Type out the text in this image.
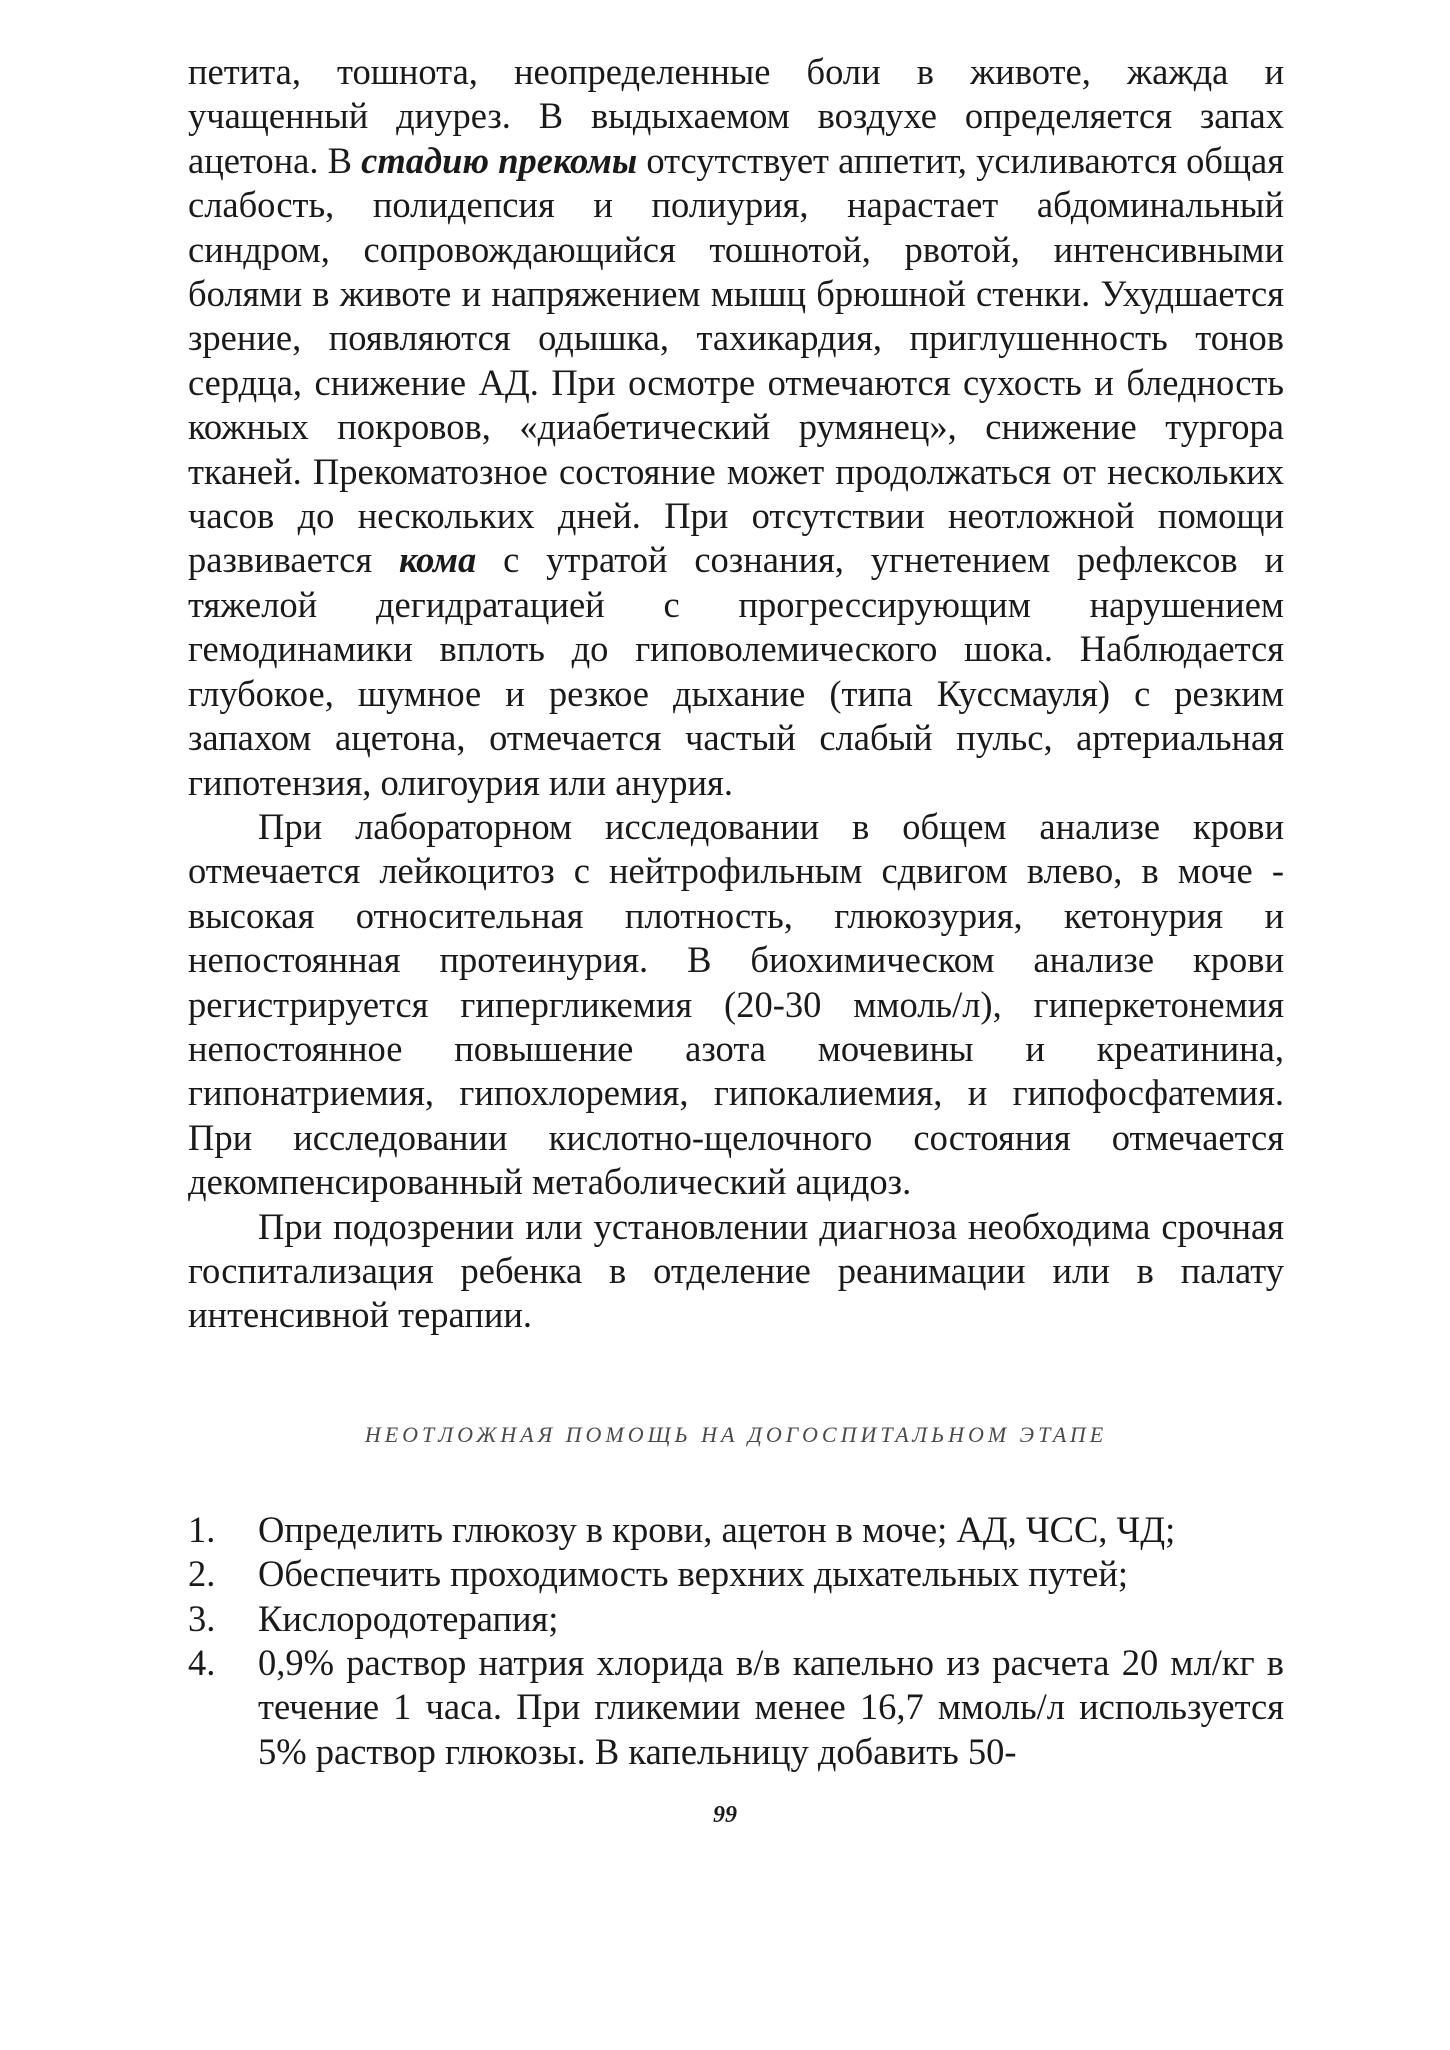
петита, тошнота, неопределенные боли в животе, жажда и учащенный диурез. В выдыхаемом воздухе определяется запах ацетона. В стадию прекомы отсутствует аппетит, усиливаются общая слабость, полидепсия и полиурия, нарастает абдоминальный синдром, сопровождающийся тошнотой, рвотой, интенсивными болями в животе и напряжением мышц брюшной стенки. Ухудшается зрение, появляются одышка, тахикардия, приглушенность тонов сердца, снижение АД. При осмотре отмечаются сухость и бледность кожных покровов, «диабетический румянец», снижение тургора тканей. Прекоматозное состояние может продолжаться от нескольких часов до нескольких дней. При отсутствии неотложной помощи развивается кома с утратой сознания, угнетением рефлексов и тяжелой дегидратацией с прогрессирующим нарушением гемодинамики вплоть до гиповолемического шока. Наблюдается глубокое, шумное и резкое дыхание (типа Куссмауля) с резким запахом ацетона, отмечается частый слабый пульс, артериальная гипотензия, олигоурия или анурия.

При лабораторном исследовании в общем анализе крови отмечается лейкоцитоз с нейтрофильным сдвигом влево, в моче - высокая относительная плотность, глюкозурия, кетонурия и непостоянная протеинурия. В биохимическом анализе крови регистрируется гипергликемия (20-30 ммоль/л), гиперкетонемия непостоянное повышение азота мочевины и креатинина, гипонатриемия, гипохлоремия, гипокалиемия, и гипофосфатемия. При исследовании кислотно-щелочного состояния отмечается декомпенсированный метаболический ацидоз.

При подозрении или установлении диагноза необходима срочная госпитализация ребенка в отделение реанимации или в палату интенсивной терапии.

НЕОТЛОЖНАЯ ПОМОЩЬ НА ДОГОСПИТАЛЬНОМ ЭТАПЕ
1.	Определить глюкозу в крови, ацетон в моче; АД, ЧСС, ЧД;
2.	Обеспечить проходимость верхних дыхательных путей;
3.	Кислородотерапия;
4.	0,9% раствор натрия хлорида в/в капельно из расчета 20 мл/кг в течение 1 часа. При гликемии менее 16,7 ммоль/л используется 5% раствор глюкозы. В капельницу добавить 50-
99
